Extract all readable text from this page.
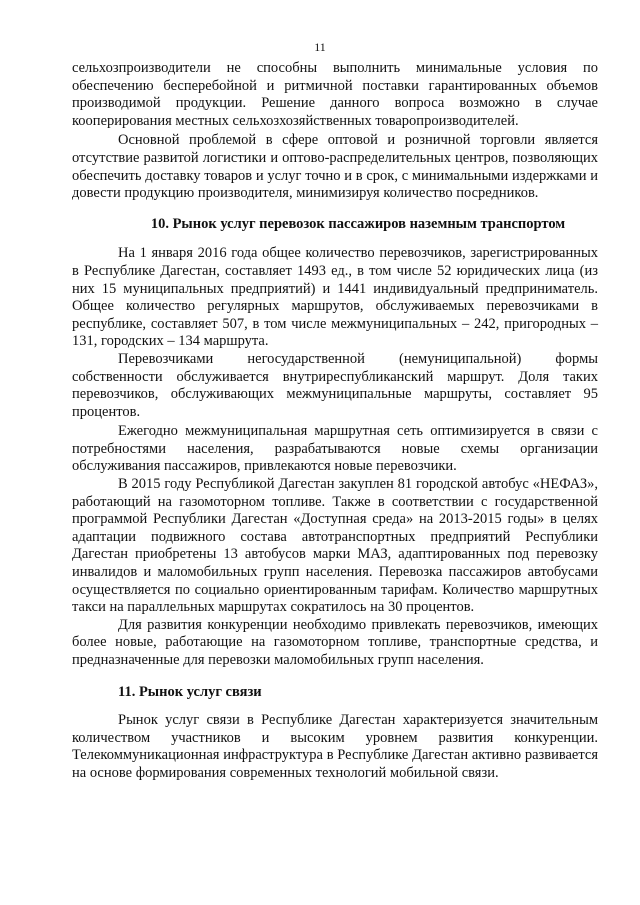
11

сельхозпроизводители не способны выполнить минимальные условия по обеспечению бесперебойной и ритмичной поставки гарантированных объемов производимой продукции. Решение данного вопроса возможно в случае кооперирования местных сельхозхозяйственных товаропроизводителей.

Основной проблемой в сфере оптовой и розничной торговли является отсутствие развитой логистики и оптово-распределительных центров, позволяющих обеспечить доставку товаров и услуг точно и в срок, с минимальными издержками и довести продукцию производителя, минимизируя количество посредников.

10. Рынок услуг перевозок пассажиров наземным транспортом

На 1 января 2016 года общее количество перевозчиков, зарегистрированных в Республике Дагестан, составляет 1493 ед., в том числе 52 юридических лица (из них 15 муниципальных предприятий) и 1441 индивидуальный предприниматель. Общее количество регулярных маршрутов, обслуживаемых перевозчиками в республике, составляет 507, в том числе межмуниципальных – 242, пригородных – 131, городских – 134 маршрута.

Перевозчиками негосударственной (немуниципальной) формы собственности обслуживается внутриреспубликанский маршрут. Доля таких перевозчиков, обслуживающих межмуниципальные маршруты, составляет 95 процентов.

Ежегодно межмуниципальная маршрутная сеть оптимизируется в связи с потребностями населения, разрабатываются новые схемы организации обслуживания пассажиров, привлекаются новые перевозчики.

В 2015 году Республикой Дагестан закуплен 81 городской автобус «НЕФАЗ», работающий на газомоторном топливе. Также в соответствии с государственной программой Республики Дагестан «Доступная среда» на 2013-2015 годы» в целях адаптации подвижного состава автотранспортных предприятий Республики Дагестан приобретены 13 автобусов марки МАЗ, адаптированных под перевозку инвалидов и маломобильных групп населения. Перевозка пассажиров автобусами осуществляется по социально ориентированным тарифам. Количество маршрутных такси на параллельных маршрутах сократилось на 30 процентов.

Для развития конкуренции необходимо привлекать перевозчиков, имеющих более новые, работающие на газомоторном топливе, транспортные средства, и предназначенные для перевозки маломобильных групп населения.

11. Рынок услуг связи

Рынок услуг связи в Республике Дагестан характеризуется значительным количеством участников и высоким уровнем развития конкуренции. Телекоммуникационная инфраструктура в Республике Дагестан активно развивается на основе формирования современных технологий мобильной связи.
